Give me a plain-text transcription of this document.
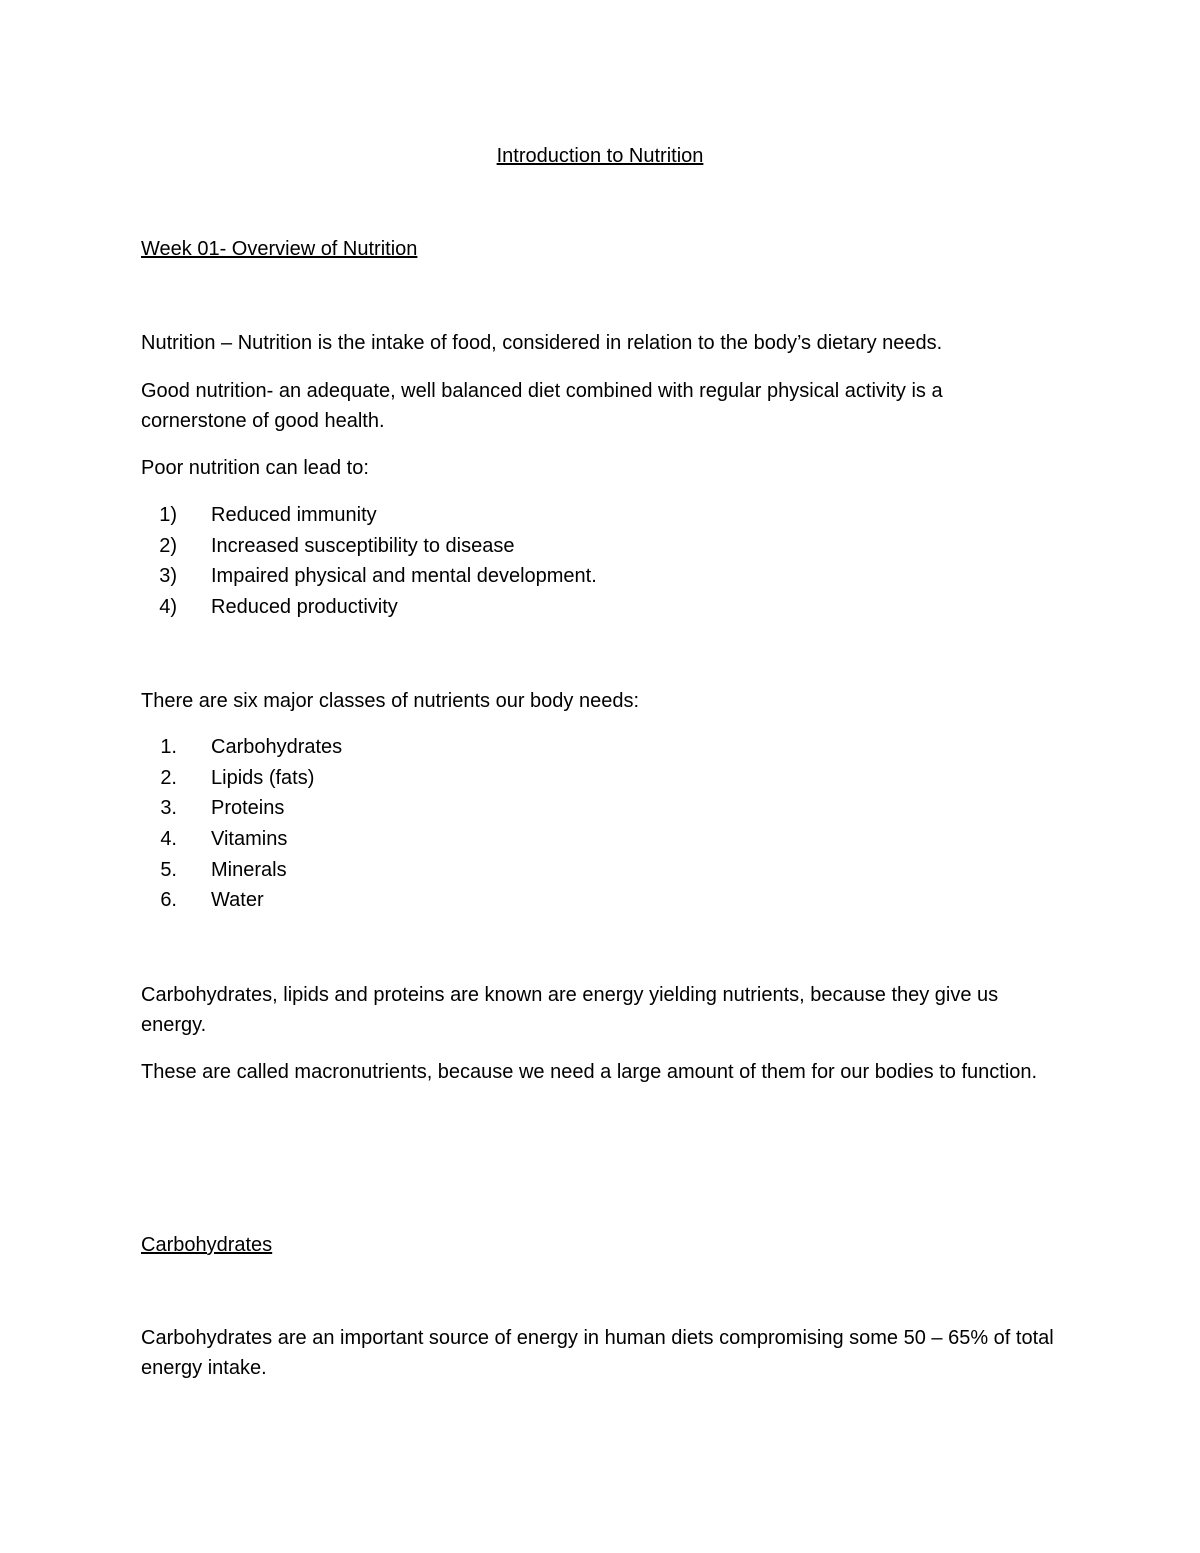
Introduction to Nutrition
Week 01- Overview of Nutrition

Nutrition – Nutrition is the intake of food, considered in relation to the body’s dietary needs.

Good nutrition- an adequate, well balanced diet combined with regular physical activity is a cornerstone of good health.

Poor nutrition can lead to:
1) Reduced immunity
2) Increased susceptibility to disease
3) Impaired physical and mental development.
4) Reduced productivity
There are six major classes of nutrients our body needs:
1. Carbohydrates
2. Lipids (fats)
3. Proteins
4. Vitamins
5. Minerals
6. Water

Carbohydrates, lipids and proteins are known are energy yielding nutrients, because they give us energy.

These are called macronutrients, because we need a large amount of them for our bodies to function.

Carbohydrates

Carbohydrates are an important source of energy in human diets compromising some 50 – 65% of total energy intake.
